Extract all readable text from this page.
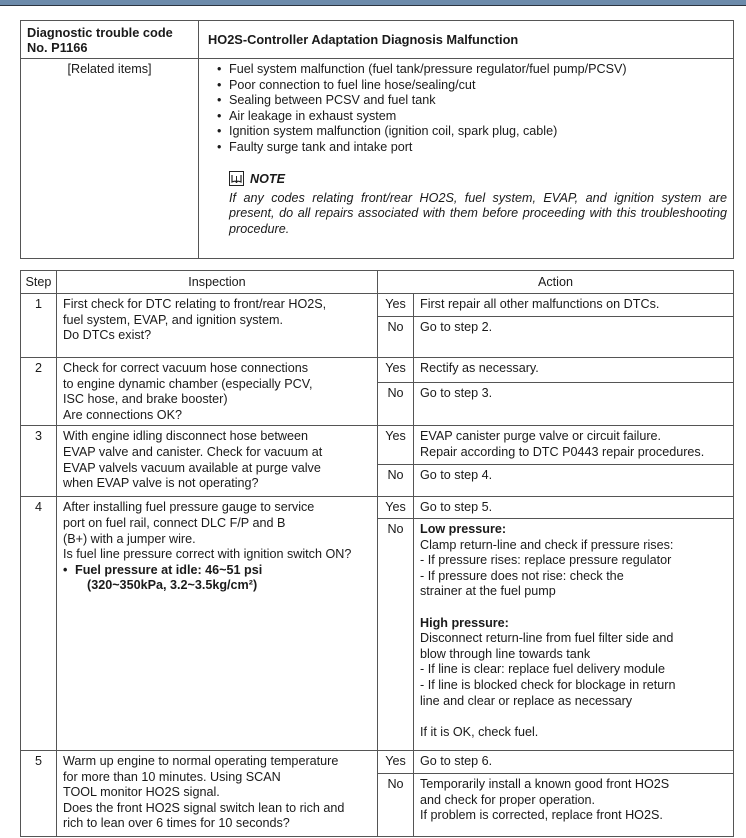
Diagnostic trouble code
No. P1166	HO2S-Controller Adaptation Diagnosis Malfunction
[Related items]	
•Fuel system malfunction (fuel tank/pressure regulator/fuel pump/PCSV)
• Poor connection to fuel line hose/sealing/cut
• Sealing between PCSV and fuel tank
• Air leakage in exhaust system
• Ignition system malfunction (ignition coil, spark plug, cable)
• Faulty surge tank and intake port
NOTE
If any codes relating front/rear HO2S, fuel system, EVAP, and ignition system are present, do all repairs associated with them before proceeding with this troubleshooting procedure.
Step	Inspection	Action	
1	First check for DTC relating to front/rear HO2S,
fuel system, EVAP, and ignition system.
Do DTCs exist?	Yes	First repair all other malfunctions on DTCs.

		No	Go to step 2.

2	Check for correct vacuum hose connections
to engine dynamic chamber (especially PCV,
ISC hose, and brake booster)
Are connections OK?	Yes	Rectify as necessary.

		No	Go to step 3.

3	With engine idling disconnect hose between
EVAP valve and canister. Check for vacuum at
EVAP valvels vacuum available at purge valve
when EVAP valve is not operating?
	Yes	EVAP canister purge valve or circuit failure.
Repair according to DTC P0443 repair procedures.

		No	Go to step 4.

4	After installing fuel pressure gauge to service
port on fuel rail, connect DLC F/P and B
(B+) with a jumper wire.
Is fuel line pressure correct with ignition switch ON?
• Fuel pressure at idle: 46~51 psi
(320~350kPa, 3.2~3.5kg/cm²)
	Yes	Go to step 5.

No	Low pressure:
Clamp return-line and check if pressure rises:
- If pressure rises: replace pressure regulator
- If pressure does not rise: check the
strainer at the fuel pump
High pressure:
Disconnect return-line from fuel filter side and
blow through line towards tank
- If line is clear: replace fuel delivery module
- If line is blocked check for blockage in return
line and clear or replace as necessary
If it is OK, check fuel.

5	Warm up engine to normal operating temperature
for more than 10 minutes. Using SCAN
TOOL monitor HO2S signal.
Does the front HO2S signal switch lean to rich and
rich to lean over 6 times for 10 seconds?	Yes	Go to step 6.

		No	Temporarily install a known good front HO2S
and check for proper operation.
If problem is corrected, replace front HO2S.
